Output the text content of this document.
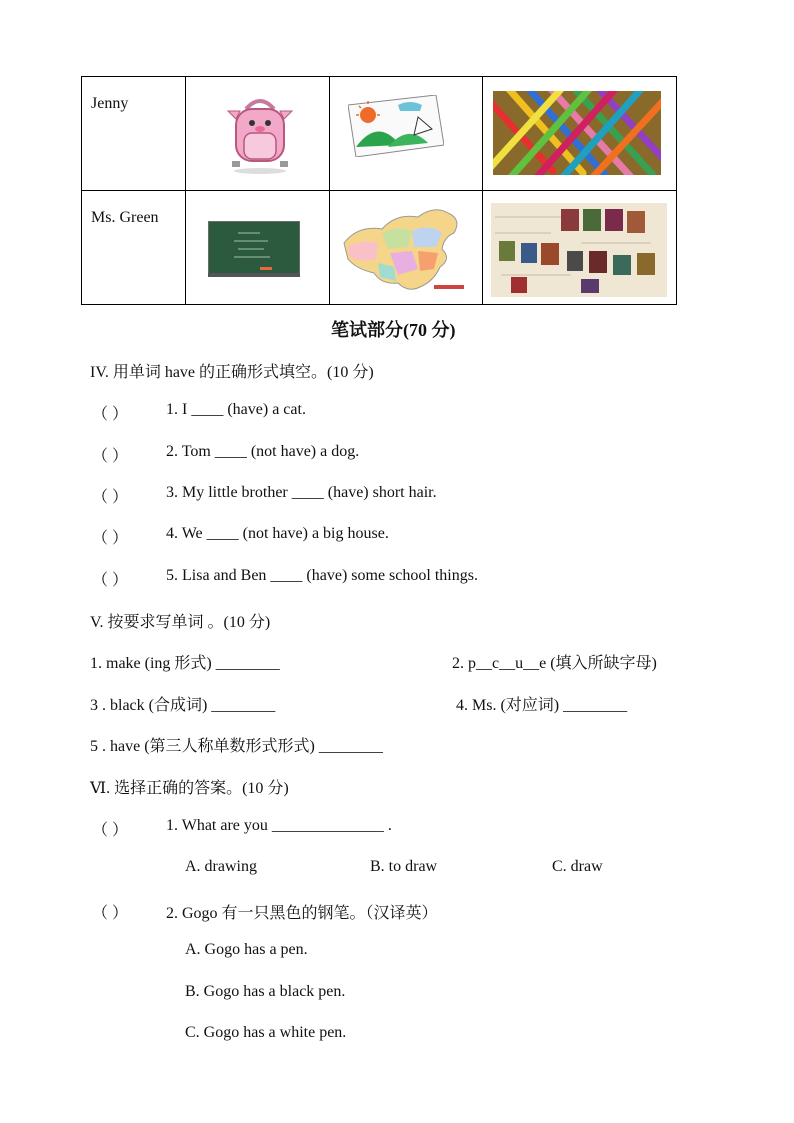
Jenny

Ms. Green

笔试部分(70 分)
IV. 用单词 have 的正确形式填空。(10 分)
（ ） 1. I ____ (have) a cat.
（ ） 2. Tom ____ (not have) a dog.
（ ） 3. My little brother ____ (have) short hair.
（ ） 4. We ____ (not have) a big house.
（ ） 5. Lisa and Ben ____ (have) some school things.
V. 按要求写单词 。(10 分)
1. make (ing 形式) ________	2. p__c__u__e (填入所缺字母)
3 . black (合成词) ________	4. Ms. (对应词) ________
5 . have (第三人称单数形式形式) ________
Ⅵ. 选择正确的答案。(10 分)
（ ） 1. What are you ______________ .
A. drawing	B. to draw	C. draw
（ ） 2. Gogo 有一只黑色的钢笔。（汉译英）
A. Gogo has a pen.
B. Gogo has a black pen.
C. Gogo has a white pen.
